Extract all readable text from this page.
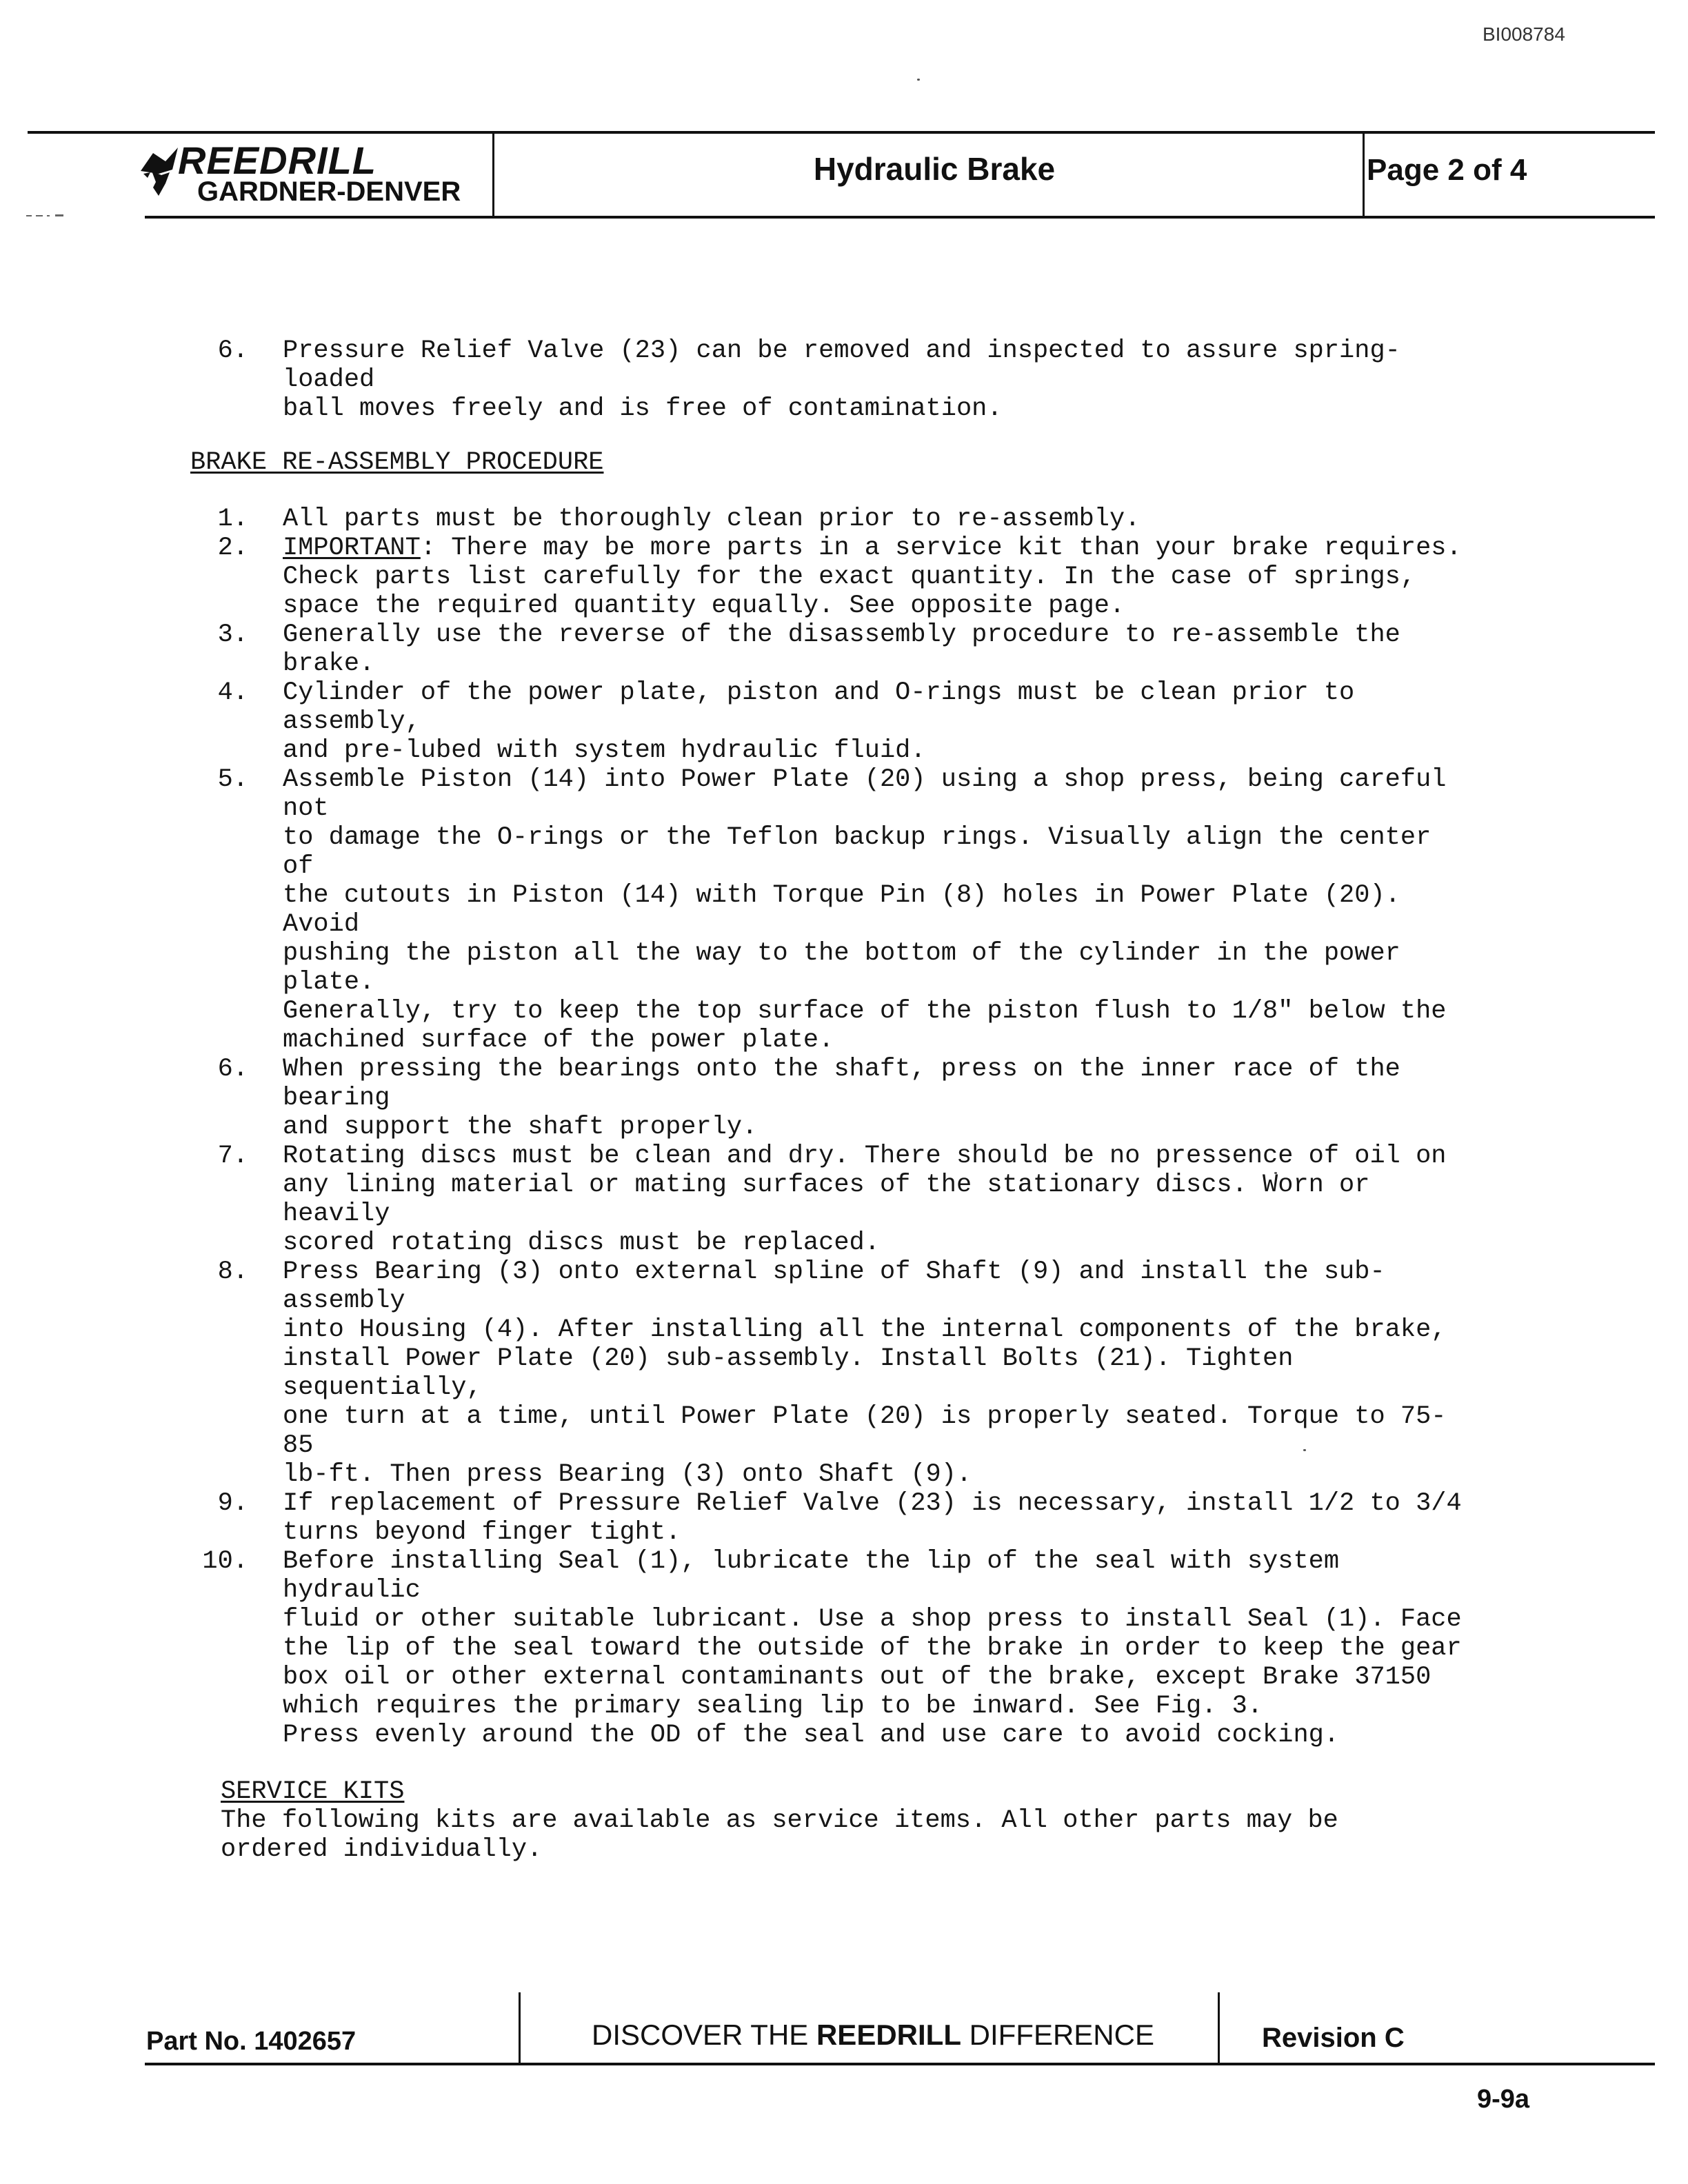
BI008784
REEDRILL
GARDNER-DENVER
Hydraulic Brake	Page 2 of 4
6. Pressure Relief Valve (23) can be removed and inspected to assure spring-loaded

ball moves freely and is free of contamination.

BRAKE RE-ASSEMBLY PROCEDURE
1. All parts must be thoroughly clean prior to re-assembly.

2. IMPORTANT: There may be more parts in a service kit than your brake requires.

Check parts list carefully for the exact quantity. In the case of springs,

space the required quantity equally. See opposite page.

3. Generally use the reverse of the disassembly procedure to re-assemble the brake.

4. Cylinder of the power plate, piston and O-rings must be clean prior to assembly,

and pre-lubed with system hydraulic fluid.

5. Assemble Piston (14) into Power Plate (20) using a shop press, being careful not

to damage the O-rings or the Teflon backup rings. Visually align the center of

the cutouts in Piston (14) with Torque Pin (8) holes in Power Plate (20). Avoid

pushing the piston all the way to the bottom of the cylinder in the power plate.

Generally, try to keep the top surface of the piston flush to 1/8" below the

machined surface of the power plate.

6. When pressing the bearings onto the shaft, press on the inner race of the bearing

and support the shaft properly.

7. Rotating discs must be clean and dry. There should be no pressence of oil on

any lining material or mating surfaces of the stationary discs. Worn or heavily

scored rotating discs must be replaced.

8. Press Bearing (3) onto external spline of Shaft (9) and install the sub-assembly

into Housing (4). After installing all the internal components of the brake,

install Power Plate (20) sub-assembly. Install Bolts (21). Tighten sequentially,

one turn at a time, until Power Plate (20) is properly seated. Torque to 75-85

lb-ft. Then press Bearing (3) onto Shaft (9).

9. If replacement of Pressure Relief Valve (23) is necessary, install 1/2 to 3/4

turns beyond finger tight.

10. Before installing Seal (1), lubricate the lip of the seal with system hydraulic

fluid or other suitable lubricant. Use a shop press to install Seal (1). Face

the lip of the seal toward the outside of the brake in order to keep the gear

box oil or other external contaminants out of the brake, except Brake 37150

which requires the primary sealing lip to be inward. See Fig. 3.

Press evenly around the OD of the seal and use care to avoid cocking.

SERVICE KITS

The following kits are available as service items. All other parts may be

ordered individually.

Part No. 1402657	DISCOVER THE REEDRILL DIFFERENCE	Revision C
9-9a
